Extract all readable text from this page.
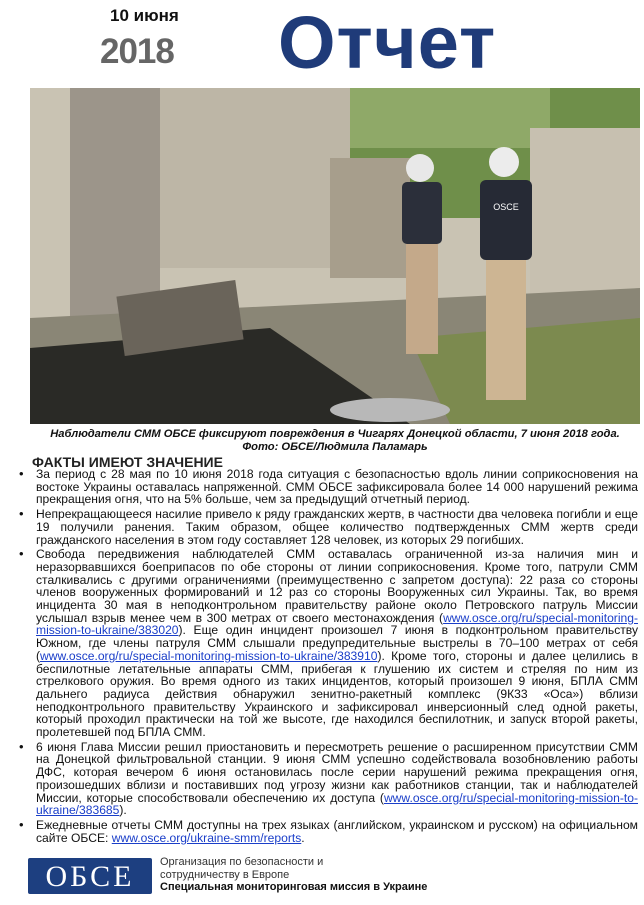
10 июня
2018 Отчет
OSCE
Наблюдатели СММ ОБСЕ фиксируют повреждения в Чигарях Донецкой области, 7 июня 2018 года.
Фото: ОБСЕ/Людмила Паламарь
ФАКТЫ ИМЕЮТ ЗНАЧЕНИЕ
• За период с 28 мая по 10 июня 2018 года ситуация с безопасностью вдоль линии соприкосновения на востоке Украины оставалась напряженной. СММ ОБСЕ зафиксировала более 14 000 нарушений режима прекращения огня, что на 5% больше, чем за предыдущий отчетный период.
• Непрекращающееся насилие привело к ряду гражданских жертв, в частности два человека погибли и еще 19 получили ранения. Таким образом, общее количество подтвержденных СММ жертв среди гражданского населения в этом году составляет 128 человек, из которых 29 погибших.
• Свобода передвижения наблюдателей СММ оставалась ограниченной из-за наличия мин и неразорвавшихся боеприпасов по обе стороны от линии соприкосновения. Кроме того, патрули СММ сталкивались с другими ограничениями (преимущественно с запретом доступа): 22 раза со стороны членов вооруженных формирований и 12 раз со стороны Вооруженных сил Украины. Так, во время инцидента 30 мая в неподконтрольном правительству районе около Петровского патруль Миссии услышал взрыв менее чем в 300 метрах от своего местонахождения (www.osce.org/ru/special-monitoring-mission-to-ukraine/383020). Еще один инцидент произошел 7 июня в подконтрольном правительству Южном, где члены патруля СММ слышали предупредительные выстрелы в 70–100 метрах от себя (www.osce.org/ru/special-monitoring-mission-to-ukraine/383910). Кроме того, стороны и далее целились в беспилотные летательные аппараты СММ, прибегая к глушению их систем и стреляя по ним из стрелкового оружия. Во время одного из таких инцидентов, который произошел 9 июня, БПЛА СММ дальнего радиуса действия обнаружил зенитно-ракетный комплекс (9К33 «Оса») вблизи неподконтрольного правительству Украинского и зафиксировал инверсионный след одной ракеты, который проходил практически на той же высоте, где находился беспилотник, и запуск второй ракеты, пролетевшей под БПЛА СММ.
• 6 июня Глава Миссии решил приостановить и пересмотреть решение о расширенном присутствии СММ на Донецкой фильтровальной станции. 9 июня СММ успешно содействовала возобновлению работы ДФС, которая вечером 6 июня остановилась после серии нарушений режима прекращения огня, произошедших вблизи и поставивших под угрозу жизни как работников станции, так и наблюдателей Миссии, которые способствовали обеспечению их доступа (www.osce.org/ru/special-monitoring-mission-to-ukraine/383685).
• Ежедневные отчеты СММ доступны на трех языках (английском, украинском и русском) на официальном сайте ОБСЕ: www.osce.org/ukraine-smm/reports.
ОБСЕ	Организация по безопасности и
сотрудничеству в Европе
Специальная мониторинговая миссия в Украине
